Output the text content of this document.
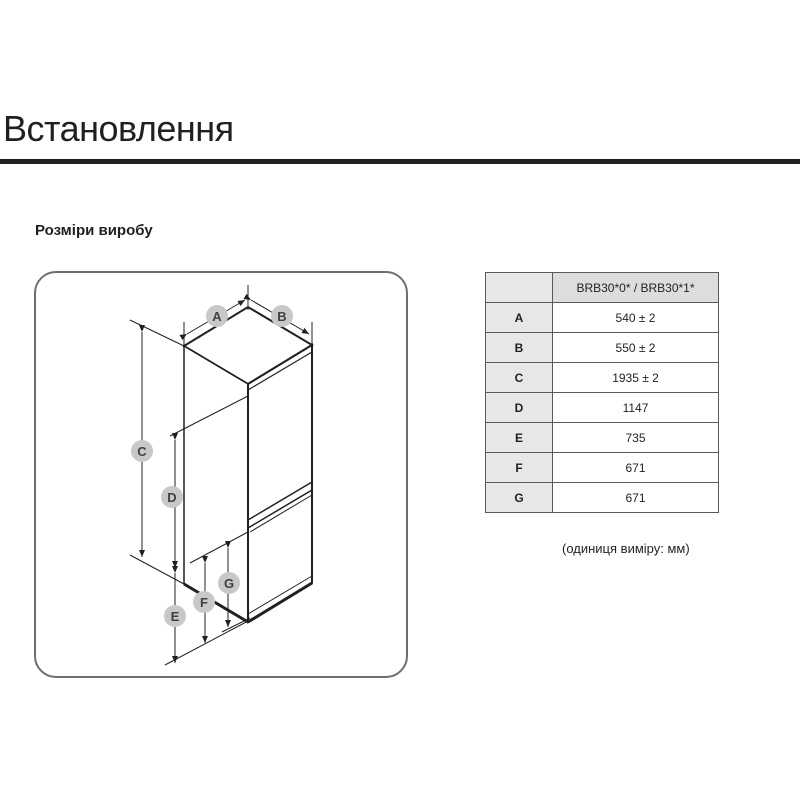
Встановлення
Розміри виробу
A	B
C
D
E
F
G
	BRB30*0* / BRB30*1*
A	540 ± 2
B	550 ± 2
C	1935 ± 2
D	1147
E	735
F	671
G	671
(одиниця виміру: мм)
